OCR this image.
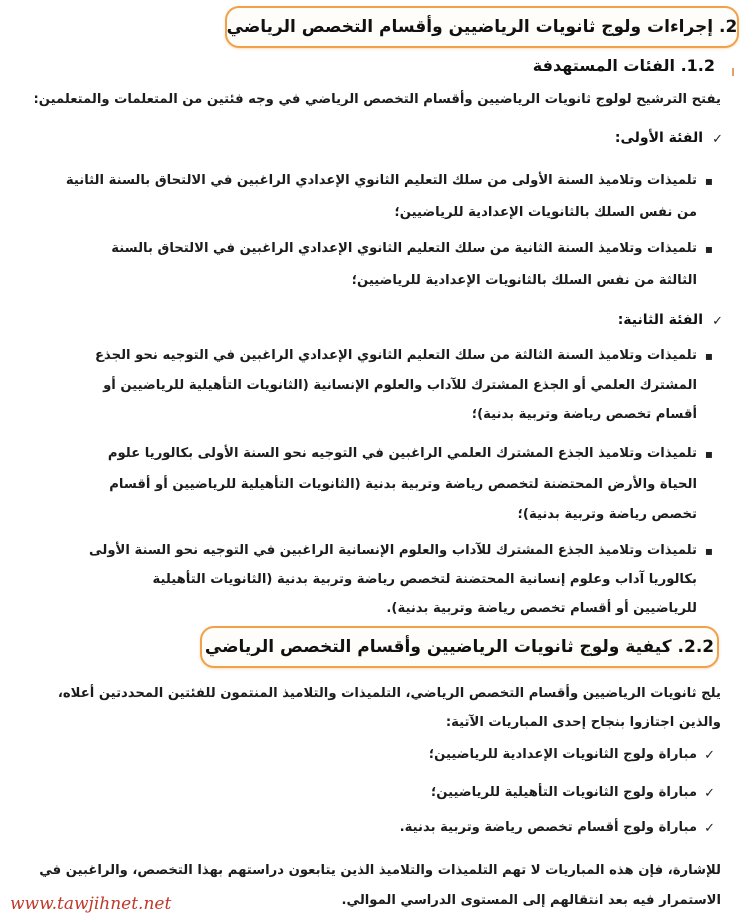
2. إجراءات ولوج ثانويات الرياضيين وأقسام التخصص الرياضي
1.2. الفئات المستهدفة
يفتح الترشيح لولوج ثانويات الرياضيين وأقسام التخصص الرياضي في وجه فئتين من المتعلمات والمتعلمين:
✓
الفئة الأولى:
▪
تلميذات وتلاميذ السنة الأولى من سلك التعليم الثانوي الإعدادي الراغبين في الالتحاق بالسنة الثانية
من نفس السلك بالثانويات الإعدادية للرياضيين؛
▪
تلميذات وتلاميذ السنة الثانية من سلك التعليم الثانوي الإعدادي الراغبين في الالتحاق بالسنة
الثالثة من نفس السلك بالثانويات الإعدادية للرياضيين؛
✓
الفئة الثانية:
▪
تلميذات وتلاميذ السنة الثالثة من سلك التعليم الثانوي الإعدادي الراغبين في التوجيه نحو الجذع
المشترك العلمي أو الجذع المشترك للآداب والعلوم الإنسانية (الثانويات التأهيلية للرياضيين أو
أقسام تخصص رياضة وتربية بدنية)؛
▪
تلميذات وتلاميذ الجذع المشترك العلمي الراغبين في التوجيه نحو السنة الأولى بكالوريا علوم
الحياة والأرض المحتضنة لتخصص رياضة وتربية بدنية (الثانويات التأهيلية للرياضيين أو أقسام
تخصص رياضة وتربية بدنية)؛
▪
تلميذات وتلاميذ الجذع المشترك للآداب والعلوم الإنسانية الراغبين في التوجيه نحو السنة الأولى
بكالوريا آداب وعلوم إنسانية المحتضنة لتخصص رياضة وتربية بدنية (الثانويات التأهيلية
للرياضيين أو أقسام تخصص رياضة وتربية بدنية).
2.2. كيفية ولوج ثانويات الرياضيين وأقسام التخصص الرياضي
يلج ثانويات الرياضيين وأقسام التخصص الرياضي، التلميذات والتلاميذ المنتمون للفئتين المحددتين أعلاه،
والذين اجتازوا بنجاح إحدى المباريات الآتية:
✓
مباراة ولوج الثانويات الإعدادية للرياضيين؛
✓
مباراة ولوج الثانويات التأهيلية للرياضيين؛
✓
مباراة ولوج أقسام تخصص رياضة وتربية بدنية.
للإشارة، فإن هذه المباريات لا تهم التلميذات والتلاميذ الذين يتابعون دراستهم بهذا التخصص، والراغبين في
الاستمرار فيه بعد انتقالهم إلى المستوى الدراسي الموالي.
www.tawjihnet.net
